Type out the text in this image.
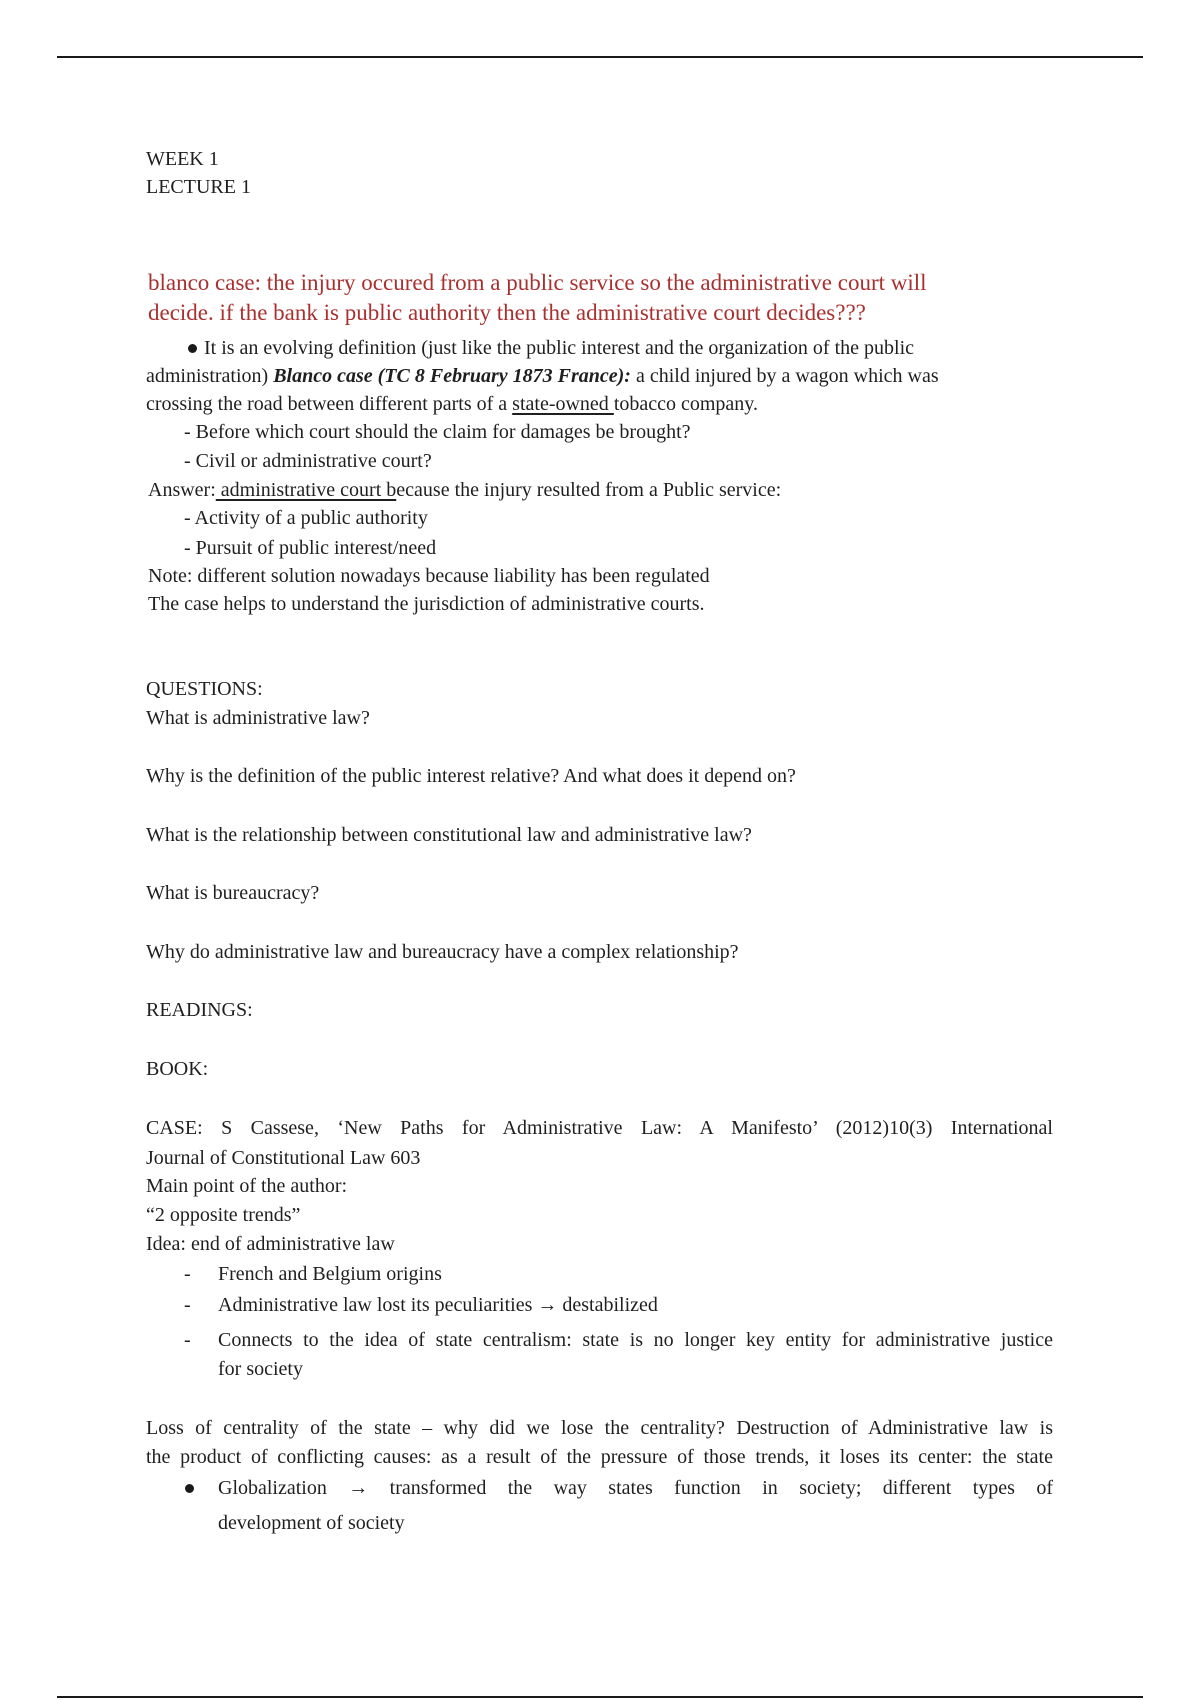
WEEK 1
LECTURE 1
blanco case: the injury occured from a public service so the administrative court will
decide. if the bank is public authority then the administrative court decides???
It is an evolving definition (just like the public interest and the organization of the public
administration) Blanco case (TC 8 February 1873 France): a child injured by a wagon which was
crossing the road between different parts of a state-owned tobacco company.
- Before which court should the claim for damages be brought?
- Civil or administrative court?
Answer: administrative court because the injury resulted from a Public service:
- Activity of a public authority
- Pursuit of public interest/need
Note: different solution nowadays because liability has been regulated
The case helps to understand the jurisdiction of administrative courts.
QUESTIONS:
What is administrative law?
Why is the definition of the public interest relative? And what does it depend on?
What is the relationship between constitutional law and administrative law?
What is bureaucracy?
Why do administrative law and bureaucracy have a complex relationship?
READINGS:
BOOK:
CASE: S Cassese, ‘New Paths for Administrative Law: A Manifesto’ (2012)10(3) International
Journal of Constitutional Law 603
Main point of the author:
“2 opposite trends”
Idea: end of administrative law
- French and Belgium origins
- Administrative law lost its peculiarities → destabilized
- Connects to the idea of state centralism: state is no longer key entity for administrative justice
for society
Loss of centrality of the state – why did we lose the centrality? Destruction of Administrative law is
the product of conflicting causes: as a result of the pressure of those trends, it loses its center: the state
Globalization → transformed the way states function in society; different types of
development of society
